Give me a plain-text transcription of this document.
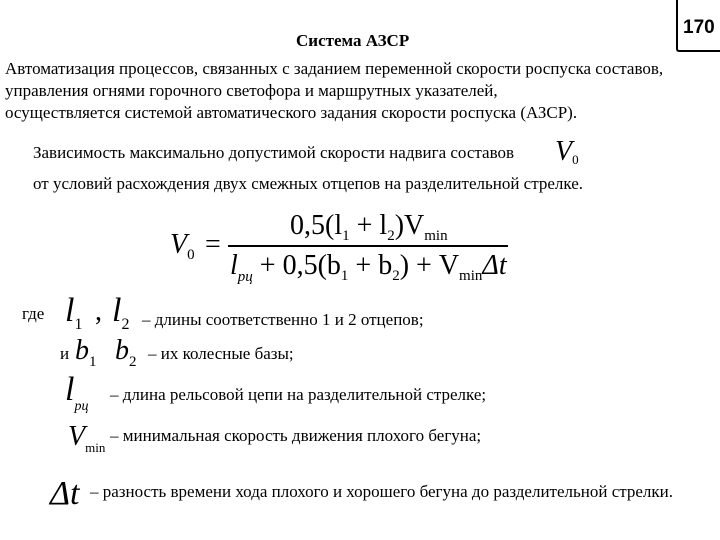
170
Система АЗСР
Автоматизация процессов, связанных с заданием переменной скорости роспуска составов,
управления огнями горочного светофора и маршрутных указателей,
осуществляется системой автоматического задания скорости роспуска (АЗСР).
Зависимость максимально допустимой скорости надвига составов $V_0$
от условий расхождения двух смежных отцепов на разделительной стрелке.
$V_0$ =
$0,5(l_1 + l_2)V_{min}$
$l_{рц} + 0,5(b_1 + b_2) + V_{min}\Delta t$
где $l_1$ , $l_2$ – длины соответственно 1 и 2 отцепов;
и $b_1$ $b_2$ – их колесные базы;
$l_{рц}$
– длина рельсовой цепи на разделительной стрелке;
$V_{min}$
– минимальная скорость движения плохого бегуна;
Δt – разность времени хода плохого и хорошего бегуна до разделительной стрелки.
